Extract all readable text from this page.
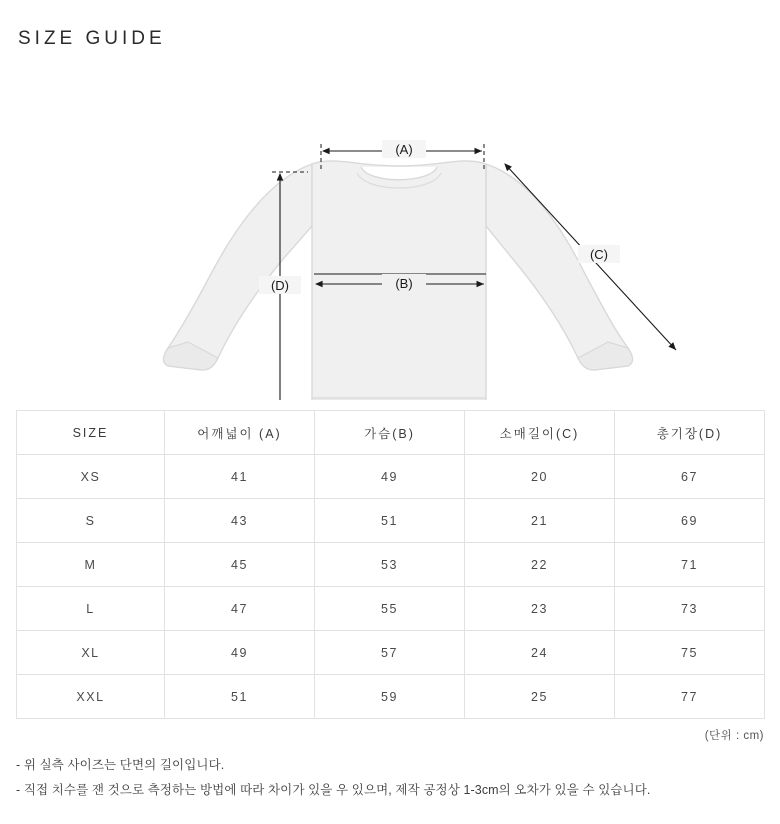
SIZE GUIDE
(A)
(B)
(C)
(D)
SIZE	어깨넓이 (A)	가슴(B)	소매길이(C)	총기장(D)
XS	41	49	20	67
S	43	51	21	69
M	45	53	22	71
L	47	55	23	73
XL	49	57	24	75
XXL	51	59	25	77
(단위 : cm)

- 위 실측 사이즈는 단면의 길이입니다.

- 직접 치수를 잰 것으로 측정하는 방법에 따라 차이가 있을 우 있으며, 제작 공정상 1-3cm의 오차가 있을 수 있습니다.
